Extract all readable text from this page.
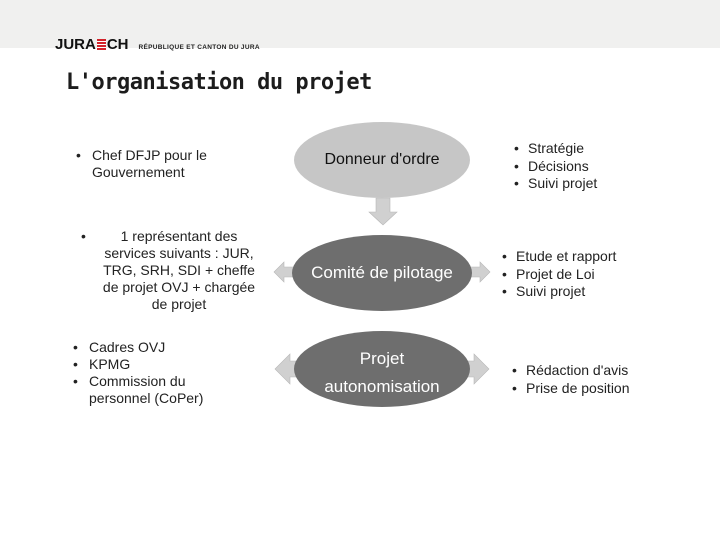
JURA CH RÉPUBLIQUE ET CANTON DU JURA
L'organisation du projet
• Chef DFJP pour le Gouvernement
• 1 représentant des services suivants : JUR, TRG, SRH, SDI + cheffe de projet OVJ + chargée de projet
• Cadres OVJ
• KPMG
• Commission du personnel (CoPer)
Donneur d'ordre
Comité de pilotage
Projet
autonomisation
• Stratégie
• Décisions
• Suivi projet
• Etude et rapport
• Projet de Loi
• Suivi projet
• Rédaction d'avis
• Prise de position
